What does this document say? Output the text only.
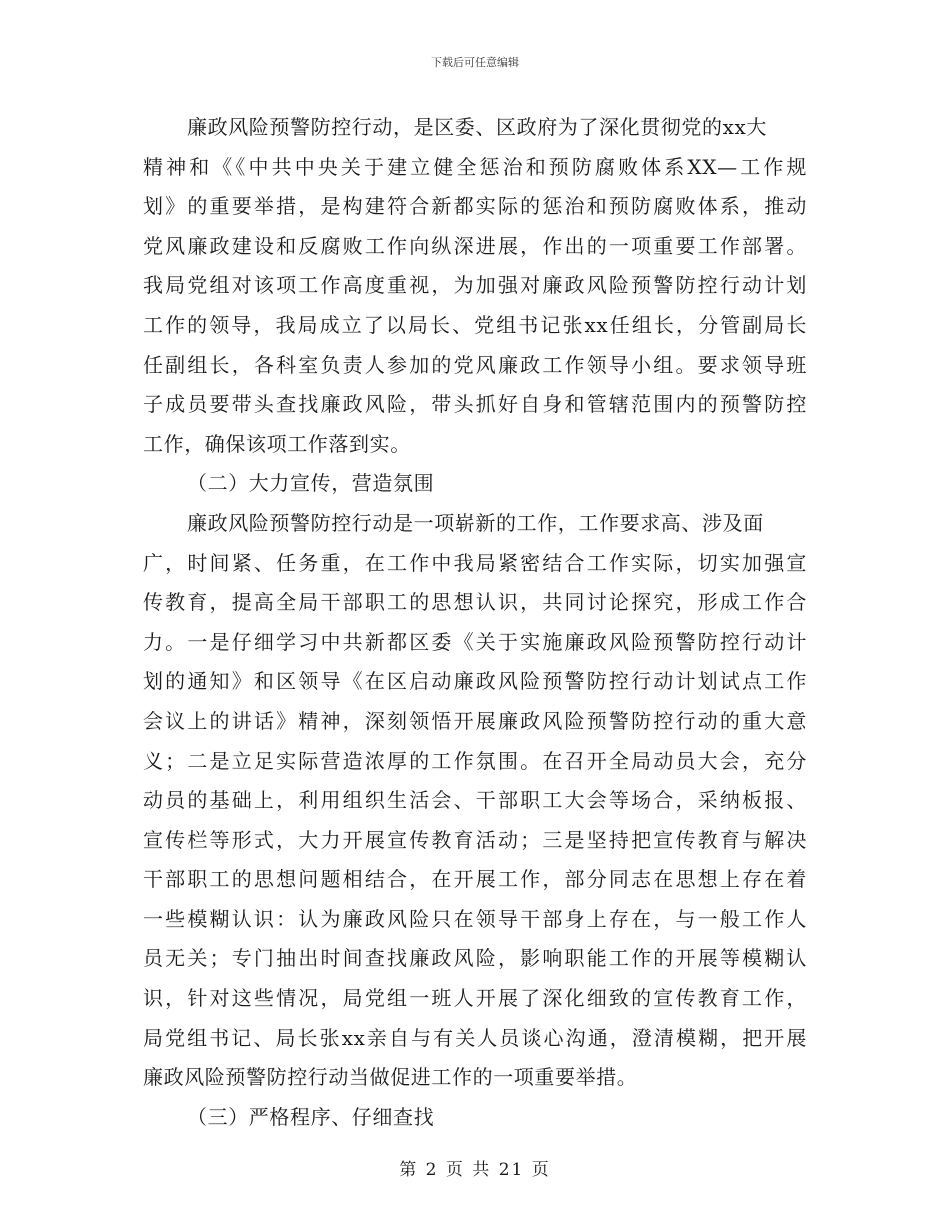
下载后可任意编辑
廉政风险预警防控行动，是区委、区政府为了深化贯彻党的xx大
精神和《《中共中央关于建立健全惩治和预防腐败体系XX—工作规
划》的重要举措，是构建符合新都实际的惩治和预防腐败体系，推动
党风廉政建设和反腐败工作向纵深进展，作出的一项重要工作部署。
我局党组对该项工作高度重视，为加强对廉政风险预警防控行动计划
工作的领导，我局成立了以局长、党组书记张xx任组长，分管副局长
任副组长，各科室负责人参加的党风廉政工作领导小组。要求领导班
子成员要带头查找廉政风险，带头抓好自身和管辖范围内的预警防控
工作，确保该项工作落到实。
（二）大力宣传，营造氛围
廉政风险预警防控行动是一项崭新的工作，工作要求高、涉及面
广，时间紧、任务重，在工作中我局紧密结合工作实际，切实加强宣
传教育，提高全局干部职工的思想认识，共同讨论探究，形成工作合
力。一是仔细学习中共新都区委《关于实施廉政风险预警防控行动计
划的通知》和区领导《在区启动廉政风险预警防控行动计划试点工作
会议上的讲话》精神，深刻领悟开展廉政风险预警防控行动的重大意
义；二是立足实际营造浓厚的工作氛围。在召开全局动员大会，充分
动员的基础上，利用组织生活会、干部职工大会等场合，采纳板报、
宣传栏等形式，大力开展宣传教育活动；三是坚持把宣传教育与解决
干部职工的思想问题相结合，在开展工作，部分同志在思想上存在着
一些模糊认识：认为廉政风险只在领导干部身上存在，与一般工作人
员无关；专门抽出时间查找廉政风险，影响职能工作的开展等模糊认
识，针对这些情况，局党组一班人开展了深化细致的宣传教育工作，
局党组书记、局长张xx亲自与有关人员谈心沟通，澄清模糊，把开展
廉政风险预警防控行动当做促进工作的一项重要举措。
（三）严格程序、仔细查找
第 2 页 共 21 页
